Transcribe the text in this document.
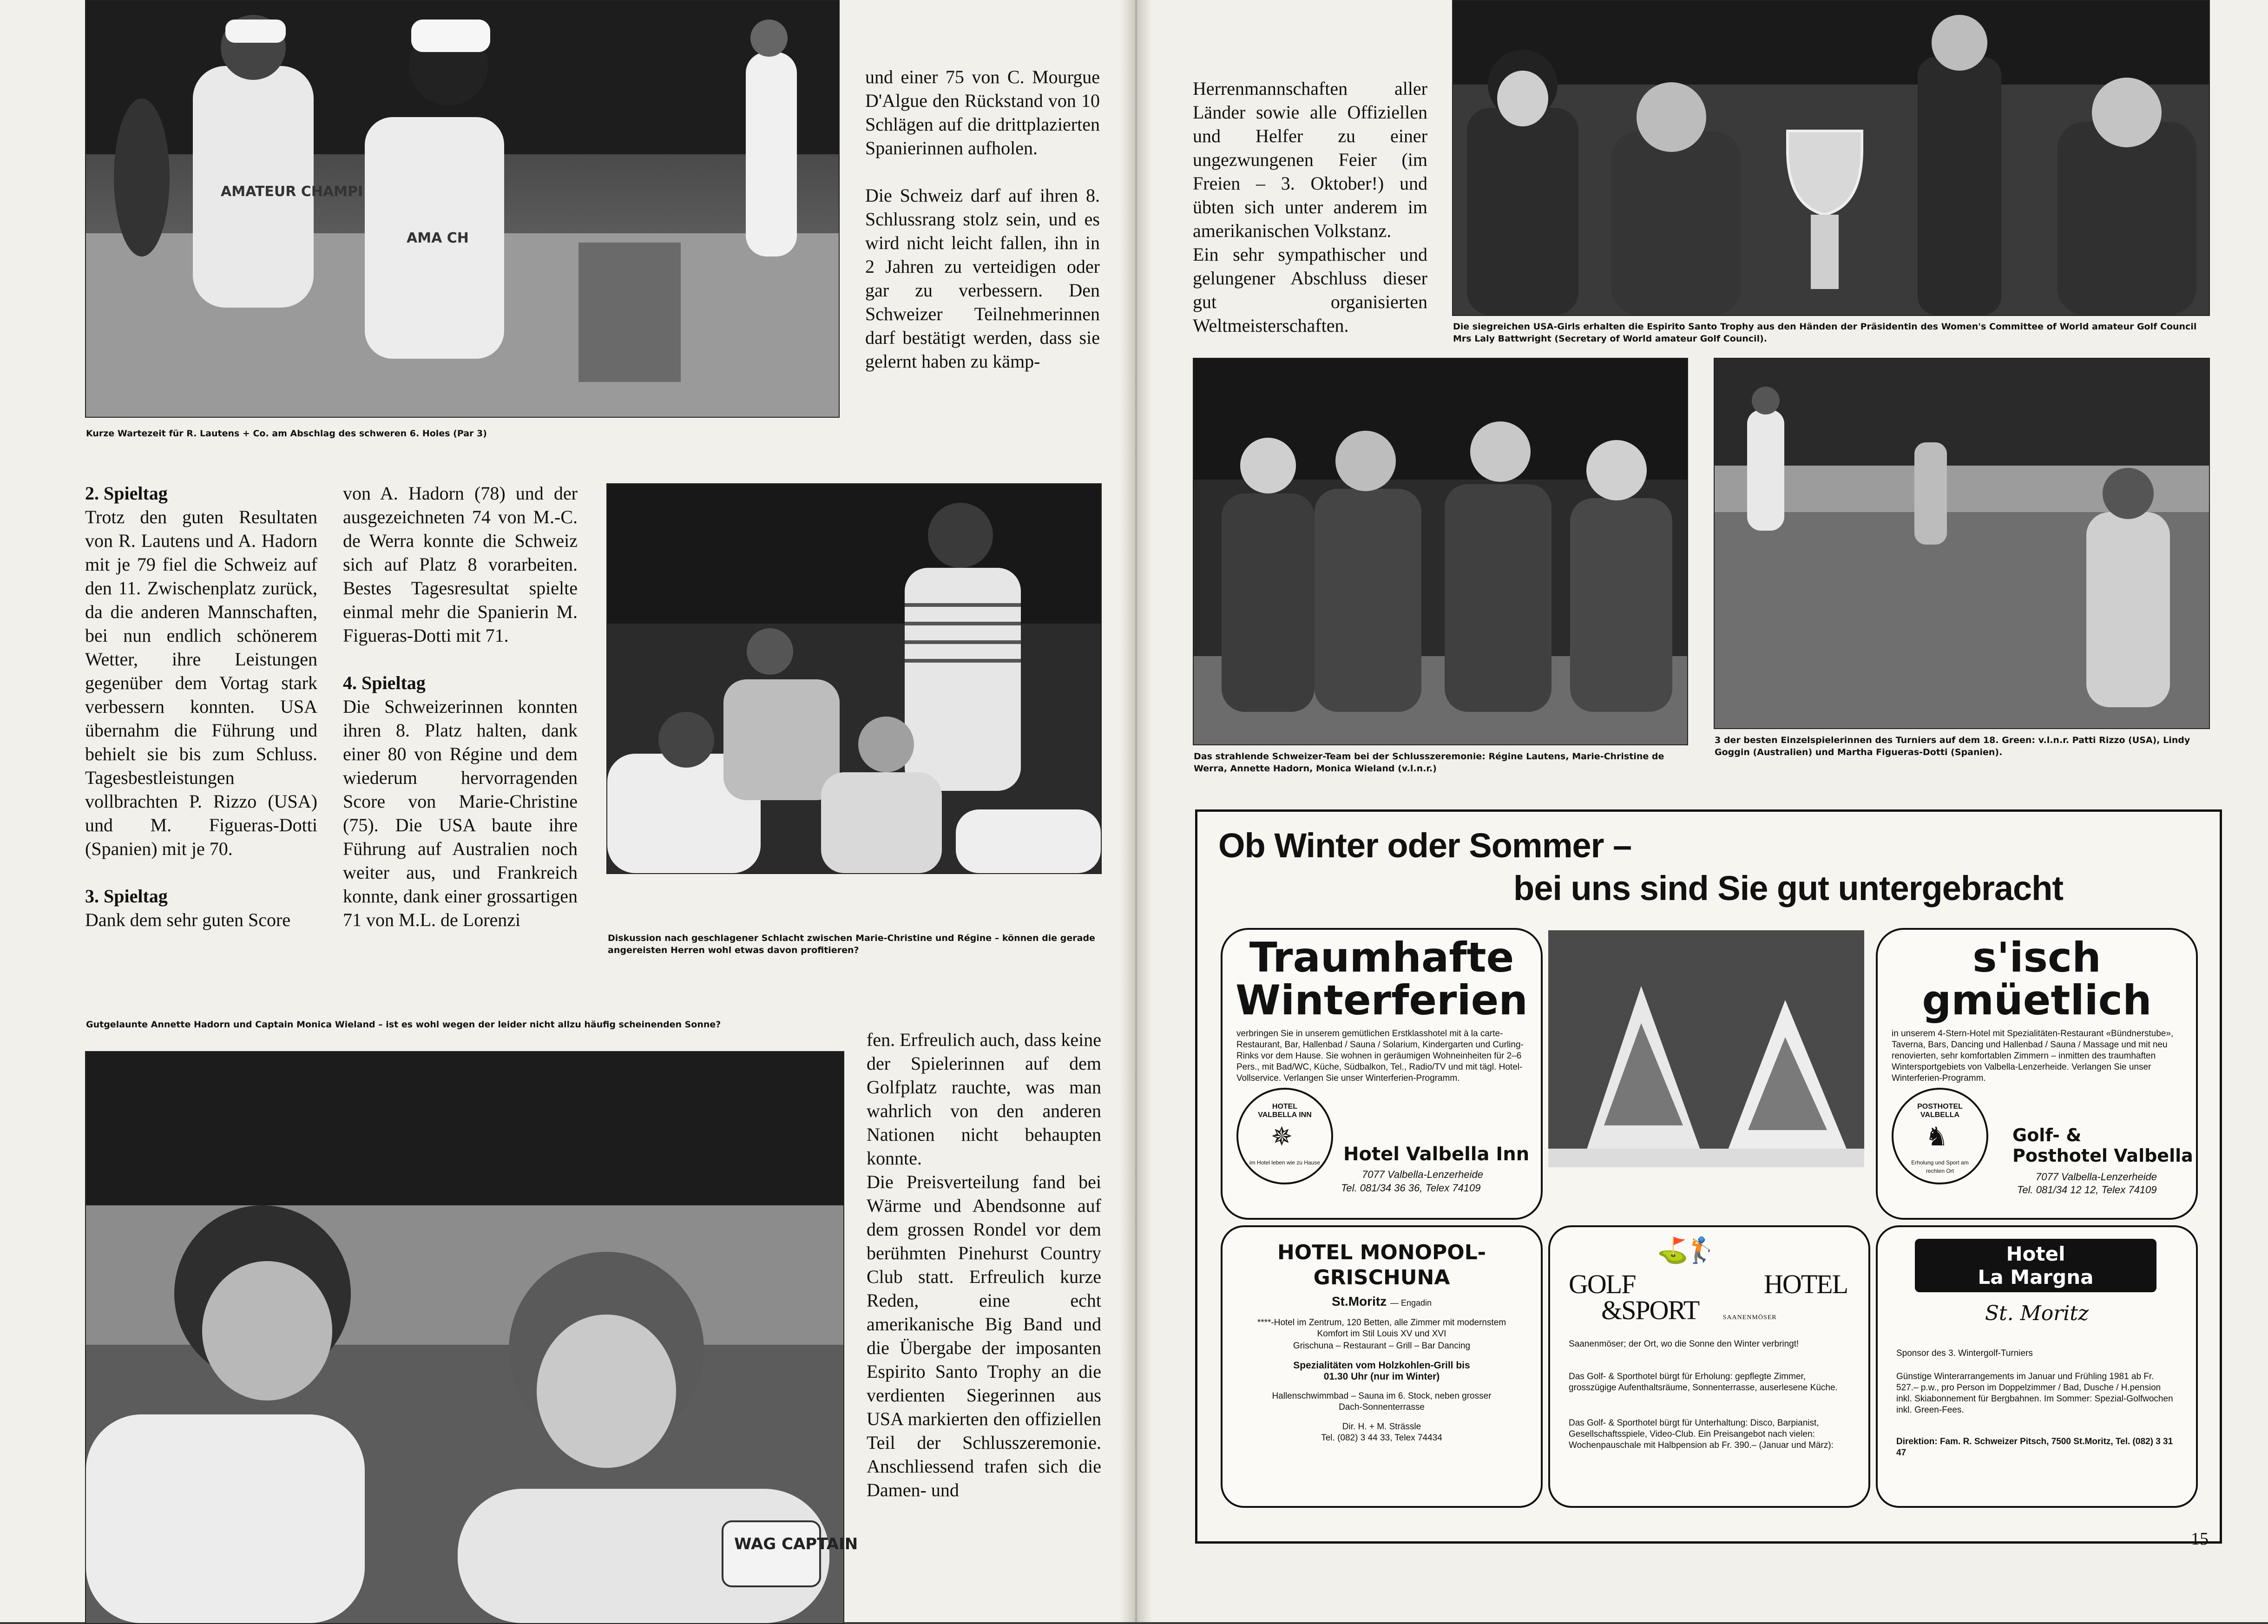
AMATEUR CHAMPI
AMA CH
Kurze Wartezeit für R. Lautens + Co. am Abschlag des schweren 6. Holes (Par 3)

und einer 75 von C. Mourgue D'Algue den Rückstand von 10 Schlägen auf die drittplazierten Spanierinnen aufholen.

Die Schweiz darf auf ihren 8. Schlussrang stolz sein, und es wird nicht leicht fallen, ihn in 2 Jahren zu verteidigen oder gar zu verbessern. Den Schweizer Teilnehmerinnen darf bestätigt werden, dass sie gelernt haben zu kämp-

2. Spieltag

Trotz den guten Resultaten von R. Lautens und A. Hadorn mit je 79 fiel die Schweiz auf den 11. Zwischenplatz zurück, da die anderen Mannschaften, bei nun endlich schönerem Wetter, ihre Leistungen gegenüber dem Vortag stark verbessern konnten. USA übernahm die Führung und behielt sie bis zum Schluss. Tagesbestleistungen vollbrachten P. Rizzo (USA) und M. Figueras-Dotti (Spanien) mit je 70.

3. Spieltag

Dank dem sehr guten Score

von A. Hadorn (78) und der ausgezeichneten 74 von M.-C. de Werra konnte die Schweiz sich auf Platz 8 vorarbeiten. Bestes Tagesresultat spielte einmal mehr die Spanierin M. Figueras-Dotti mit 71.

4. Spieltag

Die Schweizerinnen konnten ihren 8. Platz halten, dank einer 80 von Régine und dem wiederum hervorragenden Score von Marie-Christine (75). Die USA baute ihre Führung auf Australien noch weiter aus, und Frankreich konnte, dank einer grossartigen 71 von M.L. de Lorenzi

Diskussion nach geschlagener Schlacht zwischen Marie-Christine und Régine – können die gerade angereisten Herren wohl etwas davon profitieren?
Gutgelaunte Annette Hadorn und Captain Monica Wieland – ist es wohl wegen der leider nicht allzu häufig scheinenden Sonne?
WAG CAPTAIN

fen. Erfreulich auch, dass keine der Spielerinnen auf dem Golfplatz rauchte, was man wahrlich von den anderen Nationen nicht behaupten konnte.

Die Preisverteilung fand bei Wärme und Abendsonne auf dem grossen Rondel vor dem berühmten Pinehurst Country Club statt. Erfreulich kurze Reden, eine echt amerikanische Big Band und die Übergabe der imposanten Espirito Santo Trophy an die verdienten Siegerinnen aus USA markierten den offiziellen Teil der Schlusszeremonie. Anschliessend trafen sich die Damen- und

Herrenmannschaften aller Länder sowie alle Offiziellen und Helfer zu einer ungezwungenen Feier (im Freien – 3. Oktober!) und übten sich unter anderem im amerikanischen Volkstanz.

Ein sehr sympathischer und gelungener Abschluss dieser gut organisierten Weltmeisterschaften.	Die siegreichen USA-Girls erhalten die Espirito Santo Trophy aus den Händen der Präsidentin des Women's Committee of World amateur Golf Council Mrs Laly Battwright (Secretary of World amateur Golf Council).
Das strahlende Schweizer-Team bei der Schlusszeremonie: Régine Lautens, Marie-Christine de Werra, Annette Hadorn, Monica Wieland (v.l.n.r.)
3 der besten Einzelspielerinnen des Turniers auf dem 18. Green: v.l.n.r. Patti Rizzo (USA), Lindy Goggin (Australien) und Martha Figueras-Dotti (Spanien).
Ob Winter oder Sommer –
bei uns sind Sie gut untergebracht
Traumhafte
Winterferien
verbringen Sie in unserem gemütlichen Erstklasshotel mit à la carte-Restaurant, Bar, Hallenbad / Sauna / Solarium, Kindergarten und Curling-Rinks vor dem Hause. Sie wohnen in geräumigen Wohneinheiten für 2–6 Pers., mit Bad/WC, Küche, Südbalkon, Tel., Radio/TV und mit tägl. Hotel-Vollservice. Verlangen Sie unser Winterferien-Programm.
HOTEL VALBELLA INN
✵
im Hotel leben wie zu Hause	Hotel Valbella Inn
7077 Valbella-Lenzerheide
Tel. 081/34 36 36, Telex 74109
s'isch
gmüetlich
in unserem 4-Stern-Hotel mit Spezialitäten-Restaurant «Bündnerstube», Taverna, Bars, Dancing und Hallenbad / Sauna / Massage und mit neu renovierten, sehr komfortablen Zimmern – inmitten des traumhaften Wintersportgebiets von Valbella-Lenzerheide. Verlangen Sie unser Winterferien-Programm.
POSTHOTEL VALBELLA
♞
Erholung und Sport am rechten Ort
Golf- &
Posthotel Valbella
7077 Valbella-Lenzerheide
Tel. 081/34 12 12, Telex 74109
HOTEL MONOPOL-
GRISCHUNA
St.Moritz — Engadin
****-Hotel im Zentrum, 120 Betten, alle Zimmer mit modernstem Komfort im Stil Louis XV und XVI
Grischuna – Restaurant – Grill – Bar Dancing
Spezialitäten vom Holzkohlen-Grill bis 01.30 Uhr (nur im Winter)
Hallenschwimmbad – Sauna im 6. Stock, neben grosser Dach-Sonnenterrasse
Dir. H. + M. Strässle
Tel. (082) 3 44 33, Telex 74434
⛳🏌
GOLF	HOTEL

&SPORT	SAANENMÖSER
Saanenmöser; der Ort, wo die Sonne den Winter verbringt!
Das Golf- & Sporthotel bürgt für Erholung: gepflegte Zimmer, grosszügige Aufenthaltsräume, Sonnenterrasse, auserlesene Küche.
Das Golf- & Sporthotel bürgt für Unterhaltung: Disco, Barpianist, Gesellschaftsspiele, Video-Club. Ein Preisangebot nach vielen: Wochenpauschale mit Halbpension ab Fr. 390.– (Januar und März):
Hotel
La Margna
St. Moritz
Sponsor des 3. Wintergolf-Turniers
Günstige Winterarrangements im Januar und Frühling 1981 ab Fr. 527.– p.w., pro Person im Doppelzimmer / Bad, Dusche / H.pension inkl. Skiabonnement für Bergbahnen. Im Sommer: Spezial-Golfwochen inkl. Green-Fees.
Direktion: Fam. R. Schweizer Pitsch, 7500 St.Moritz, Tel. (082) 3 31 47
15
